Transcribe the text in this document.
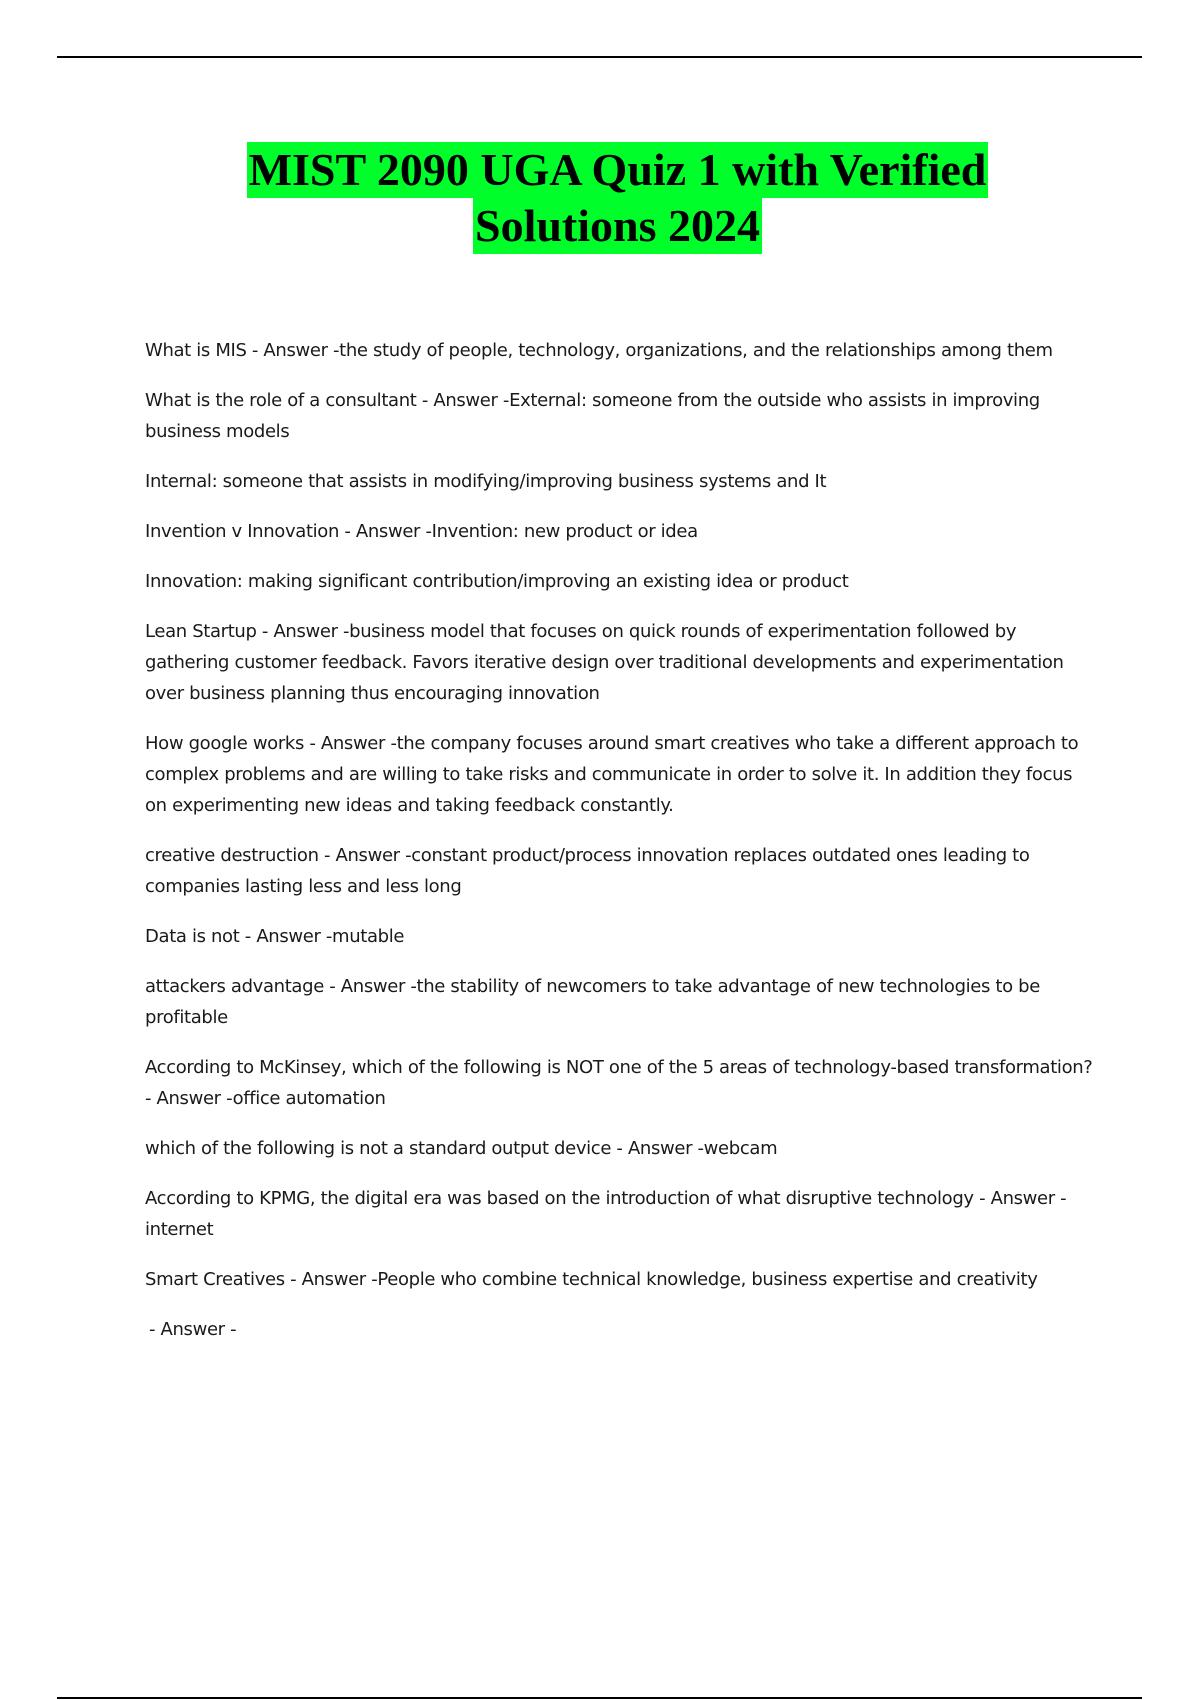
MIST 2090 UGA Quiz 1 with Verified
Solutions 2024

What is MIS - Answer -the study of people, technology, organizations, and the relationships among them

What is the role of a consultant - Answer -External: someone from the outside who assists in improving business models

Internal: someone that assists in modifying/improving business systems and It

Invention v Innovation - Answer -Invention: new product or idea

Innovation: making significant contribution/improving an existing idea or product

Lean Startup - Answer -business model that focuses on quick rounds of experimentation followed by gathering customer feedback. Favors iterative design over traditional developments and experimentation over business planning thus encouraging innovation

How google works - Answer -the company focuses around smart creatives who take a different approach to complex problems and are willing to take risks and communicate in order to solve it. In addition they focus on experimenting new ideas and taking feedback constantly.

creative destruction - Answer -constant product/process innovation replaces outdated ones leading to companies lasting less and less long

Data is not - Answer -mutable

attackers advantage - Answer -the stability of newcomers to take advantage of new technologies to be profitable

According to McKinsey, which of the following is NOT one of the 5 areas of technology-based transformation? - Answer -office automation

which of the following is not a standard output device - Answer -webcam

According to KPMG, the digital era was based on the introduction of what disruptive technology - Answer -internet

Smart Creatives - Answer -People who combine technical knowledge, business expertise and creativity

- Answer -
